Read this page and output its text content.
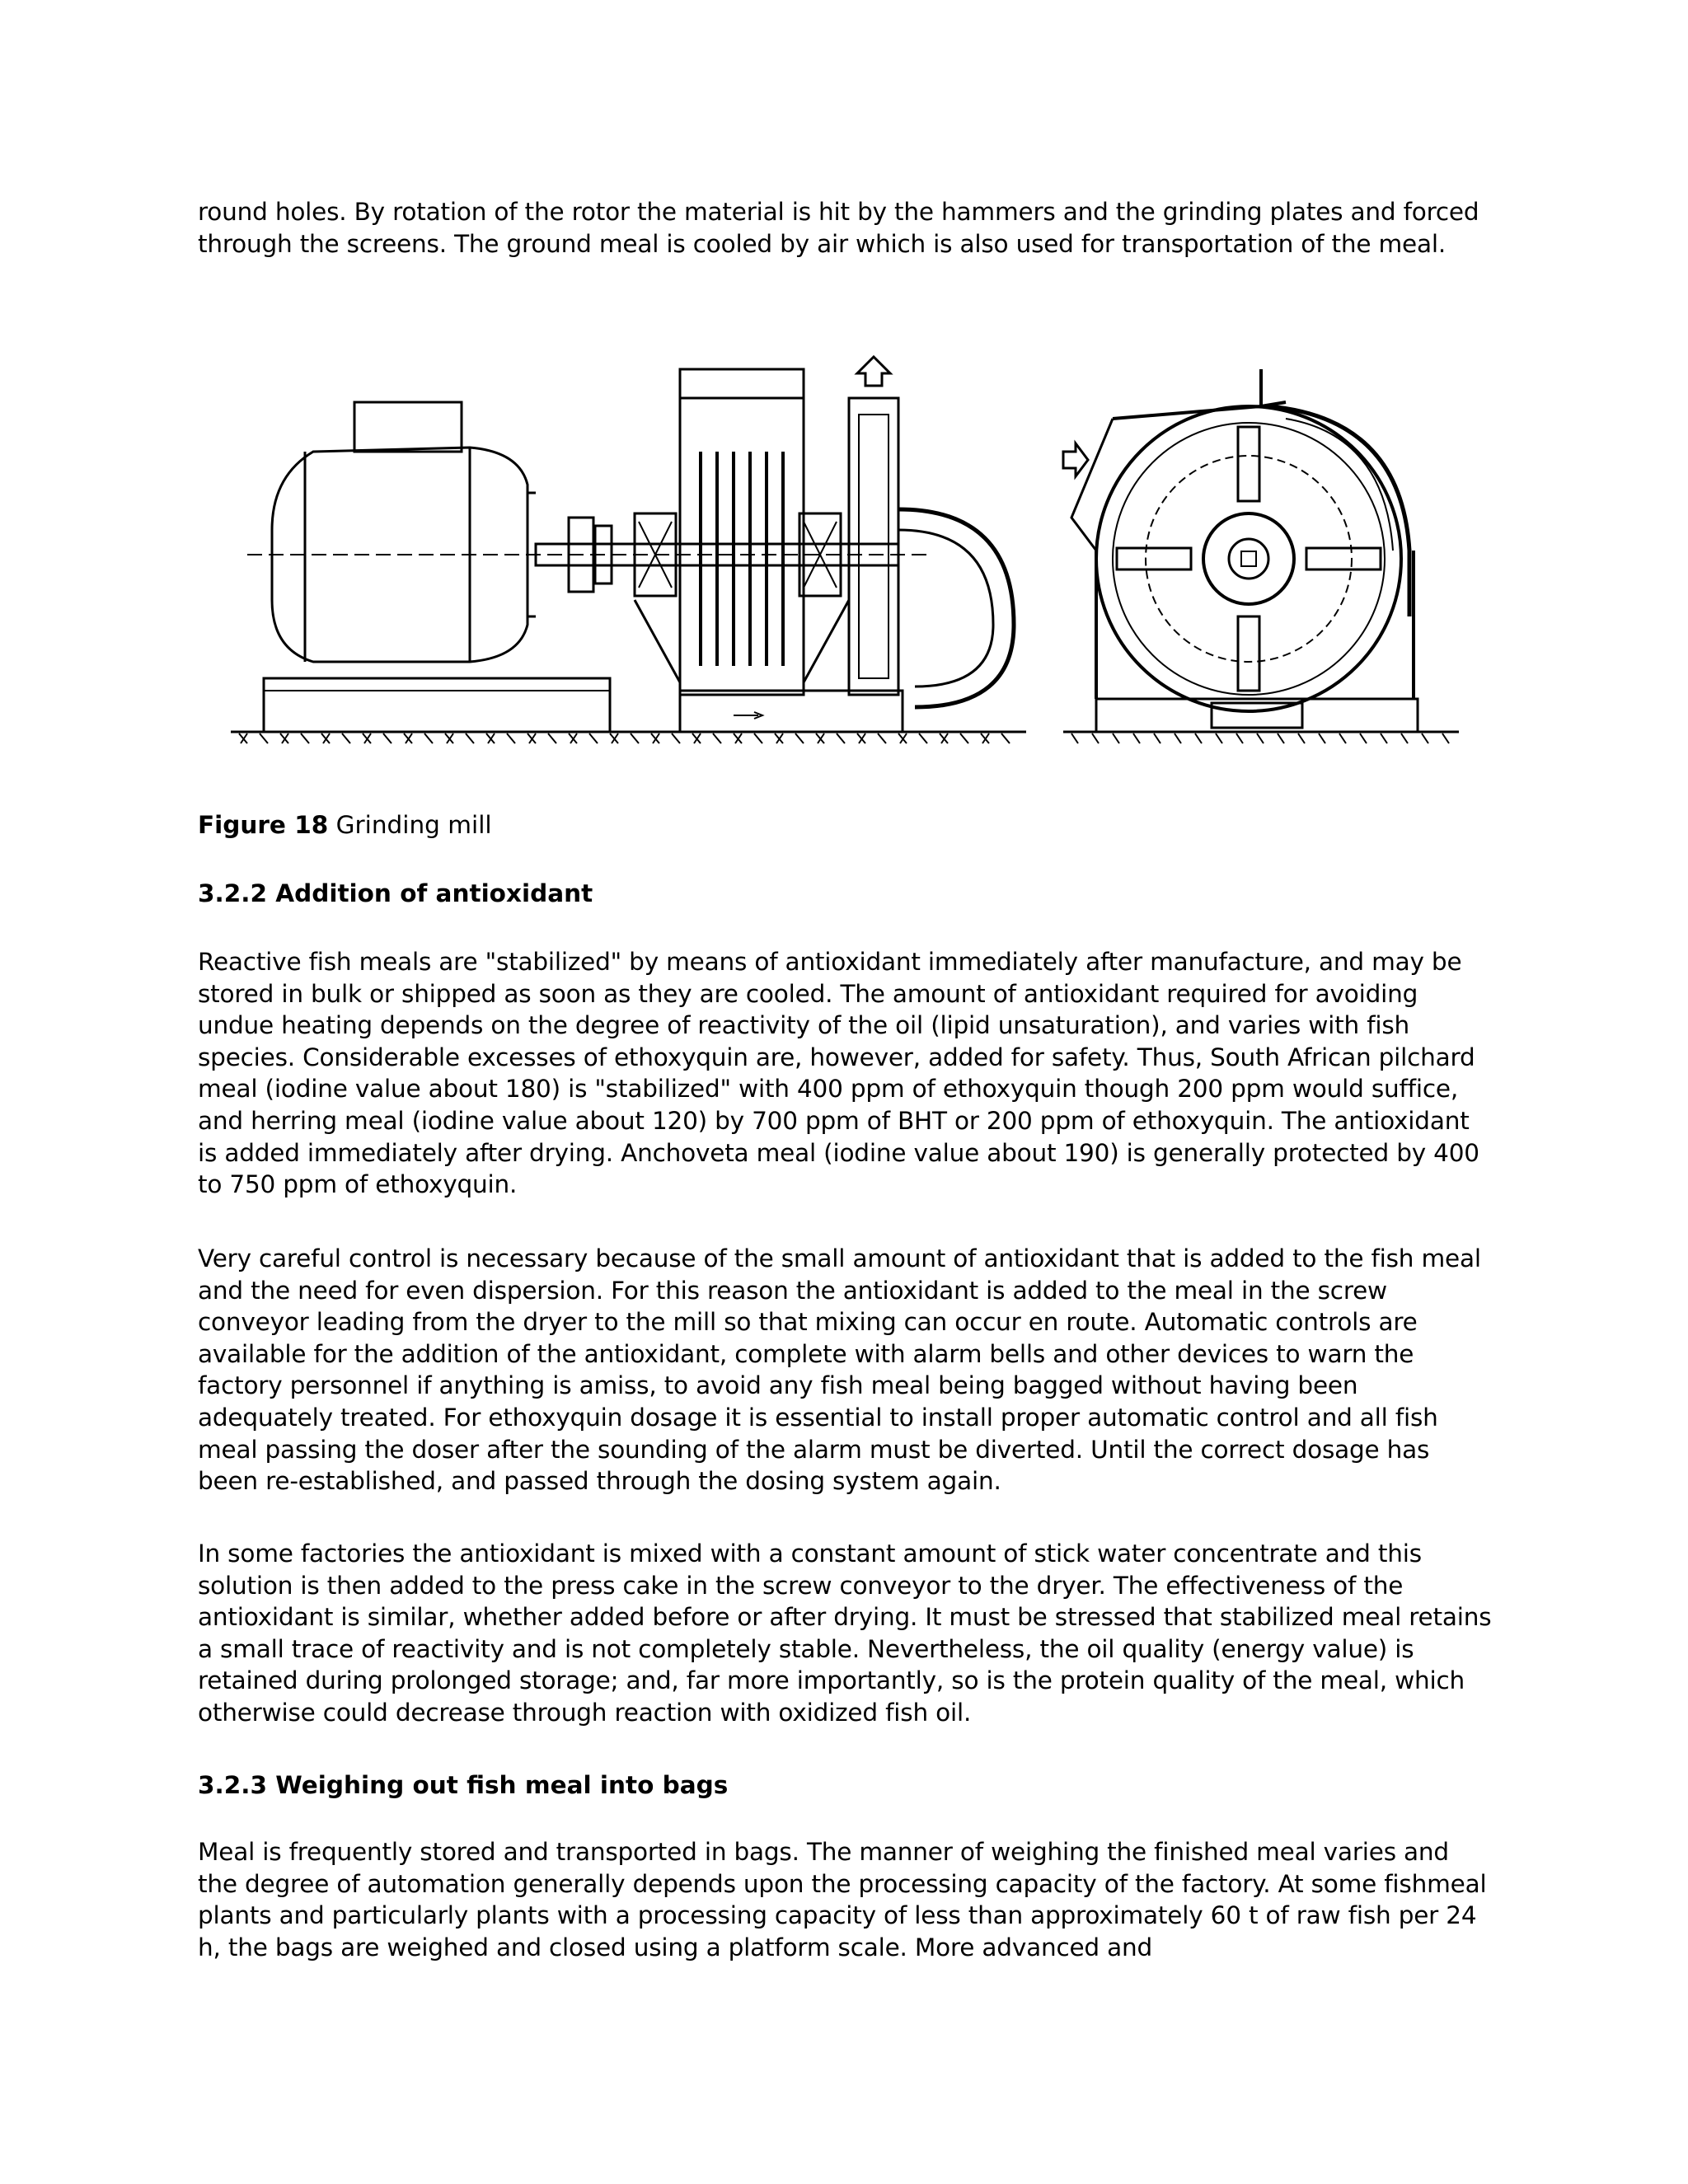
round holes. By rotation of the rotor the material is hit by the hammers and the grinding plates and forced through the screens. The ground meal is cooled by air which is also used for transportation of the meal.

Figure 18 Grinding mill

3.2.2 Addition of antioxidant

Reactive fish meals are "stabilized" by means of antioxidant immediately after manufacture, and may be stored in bulk or shipped as soon as they are cooled. The amount of antioxidant required for avoiding undue heating depends on the degree of reactivity of the oil (lipid unsaturation), and varies with fish species. Considerable excesses of ethoxyquin are, however, added for safety. Thus, South African pilchard meal (iodine value about 180) is "stabilized" with 400 ppm of ethoxyquin though 200 ppm would suffice, and herring meal (iodine value about 120) by 700 ppm of BHT or 200 ppm of ethoxyquin. The antioxidant is added immediately after drying. Anchoveta meal (iodine value about 190) is generally protected by 400 to 750 ppm of ethoxyquin.

Very careful control is necessary because of the small amount of antioxidant that is added to the fish meal and the need for even dispersion. For this reason the antioxidant is added to the meal in the screw conveyor leading from the dryer to the mill so that mixing can occur en route. Automatic controls are available for the addition of the antioxidant, complete with alarm bells and other devices to warn the factory personnel if anything is amiss, to avoid any fish meal being bagged without having been adequately treated. For ethoxyquin dosage it is essential to install proper automatic control and all fish meal passing the doser after the sounding of the alarm must be diverted. Until the correct dosage has been re-established, and passed through the dosing system again.

In some factories the antioxidant is mixed with a constant amount of stick water concentrate and this solution is then added to the press cake in the screw conveyor to the dryer. The effectiveness of the antioxidant is similar, whether added before or after drying. It must be stressed that stabilized meal retains a small trace of reactivity and is not completely stable. Nevertheless, the oil quality (energy value) is retained during prolonged storage; and, far more importantly, so is the protein quality of the meal, which otherwise could decrease through reaction with oxidized fish oil.

3.2.3 Weighing out fish meal into bags

Meal is frequently stored and transported in bags. The manner of weighing the finished meal varies and the degree of automation generally depends upon the processing capacity of the factory. At some fishmeal plants and particularly plants with a processing capacity of less than approximately 60 t of raw fish per 24 h, the bags are weighed and closed using a platform scale. More advanced and
